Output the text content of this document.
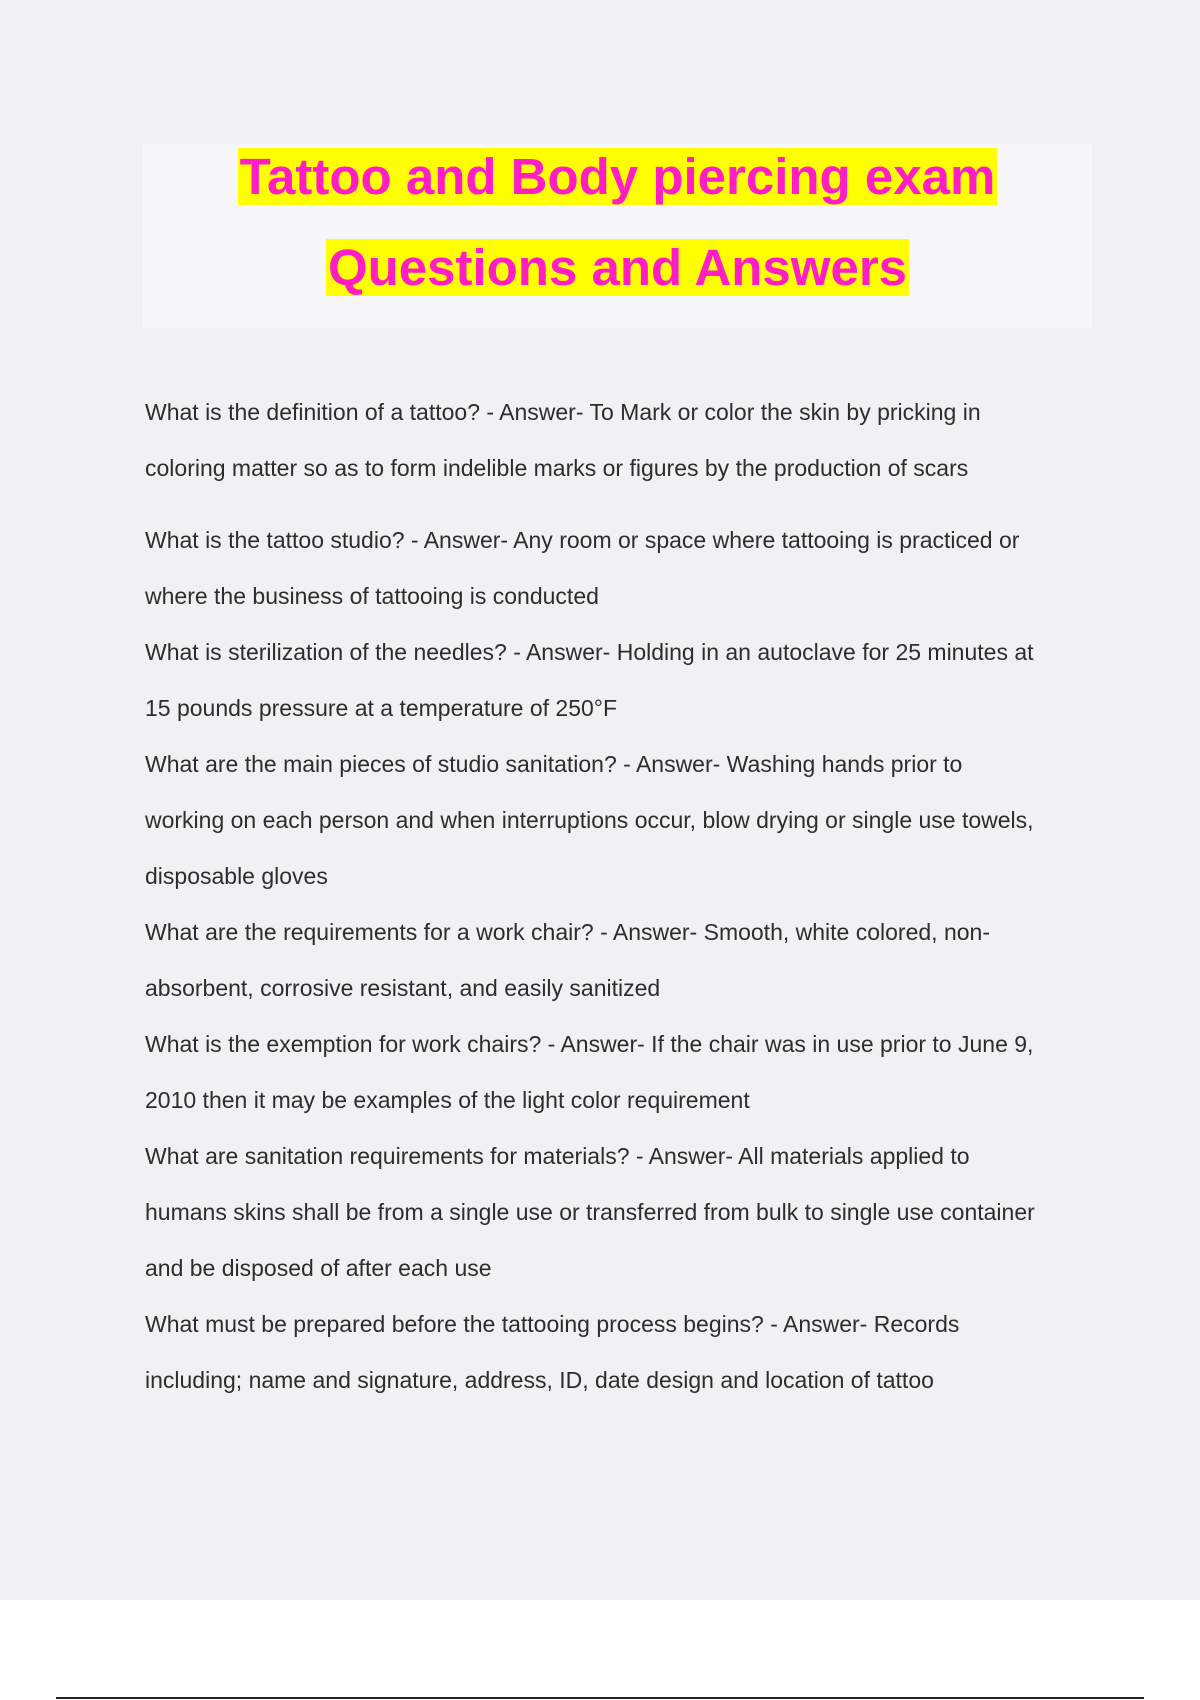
Tattoo and Body piercing exam
Questions and Answers
What is the definition of a tattoo? - Answer- To Mark or color the skin by pricking in
coloring matter so as to form indelible marks or figures by the production of scars
What is the tattoo studio? - Answer- Any room or space where tattooing is practiced or
where the business of tattooing is conducted
What is sterilization of the needles? - Answer- Holding in an autoclave for 25 minutes at
15 pounds pressure at a temperature of 250°F
What are the main pieces of studio sanitation? - Answer- Washing hands prior to
working on each person and when interruptions occur, blow drying or single use towels,
disposable gloves
What are the requirements for a work chair? - Answer- Smooth, white colored, non-
absorbent, corrosive resistant, and easily sanitized
What is the exemption for work chairs? - Answer- If the chair was in use prior to June 9,
2010 then it may be examples of the light color requirement
What are sanitation requirements for materials? - Answer- All materials applied to
humans skins shall be from a single use or transferred from bulk to single use container
and be disposed of after each use
What must be prepared before the tattooing process begins? - Answer- Records
including; name and signature, address, ID, date design and location of tattoo
